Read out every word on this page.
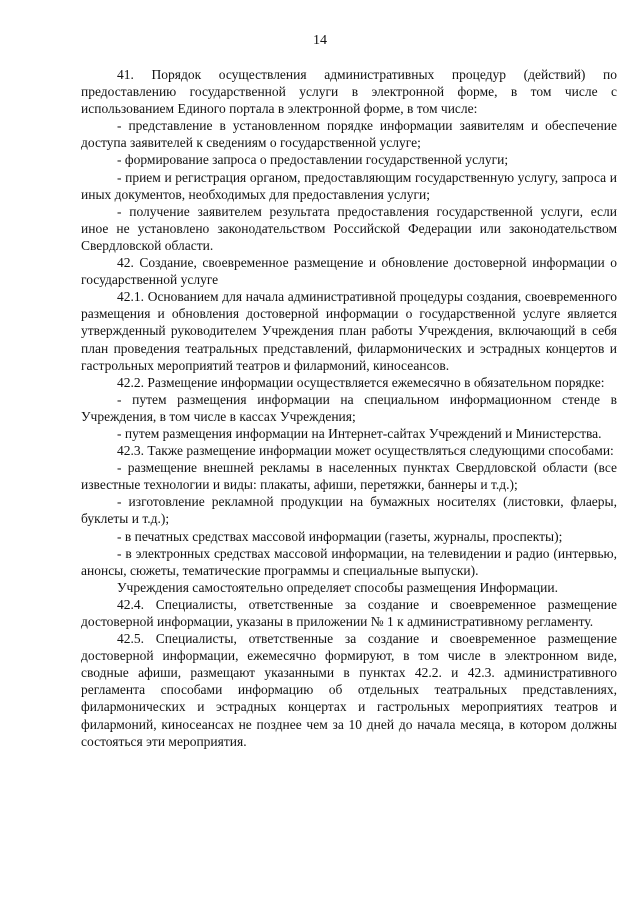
14

41. Порядок осуществления административных процедур (действий) по предоставлению государственной услуги в электронной форме, в том числе с использованием Единого портала в электронной форме, в том числе:

- представление в установленном порядке информации заявителям и обеспечение доступа заявителей к сведениям о государственной услуге;

- формирование запроса о предоставлении государственной услуги;

- прием и регистрация органом, предоставляющим государственную услугу, запроса и иных документов, необходимых для предоставления услуги;

- получение заявителем результата предоставления государственной услуги, если иное не установлено законодательством Российской Федерации или законодательством Свердловской области.

42. Создание, своевременное размещение и обновление достоверной информации о государственной услуге

42.1. Основанием для начала административной процедуры создания, своевременного размещения и обновления достоверной информации о государственной услуге является утвержденный руководителем Учреждения план работы Учреждения, включающий в себя план проведения театральных представлений, филармонических и эстрадных концертов и гастрольных мероприятий театров и филармоний, киносеансов.

42.2. Размещение информации осуществляется ежемесячно в обязательном порядке:

- путем размещения информации на специальном информационном стенде в Учреждения, в том числе в кассах Учреждения;

- путем размещения информации на Интернет-сайтах Учреждений и Министерства.

42.3. Также размещение информации может осуществляться следующими способами:

- размещение внешней рекламы в населенных пунктах Свердловской области (все известные технологии и виды: плакаты, афиши, перетяжки, баннеры и т.д.);

- изготовление рекламной продукции на бумажных носителях (листовки, флаеры, буклеты и т.д.);

- в печатных средствах массовой информации (газеты, журналы, проспекты);

- в электронных средствах массовой информации, на телевидении и радио (интервью, анонсы, сюжеты, тематические программы и специальные выпуски).

Учреждения самостоятельно определяет способы размещения Информации.

42.4. Специалисты, ответственные за создание и своевременное размещение достоверной информации, указаны в приложении № 1 к административному регламенту.

42.5. Специалисты, ответственные за создание и своевременное размещение достоверной информации, ежемесячно формируют, в том числе в электронном виде, сводные афиши, размещают указанными в пунктах 42.2. и 42.3. административного регламента способами информацию об отдельных театральных представлениях, филармонических и эстрадных концертах и гастрольных мероприятиях театров и филармоний, киносеансах не позднее чем за 10 дней до начала месяца, в котором должны состояться эти мероприятия.
